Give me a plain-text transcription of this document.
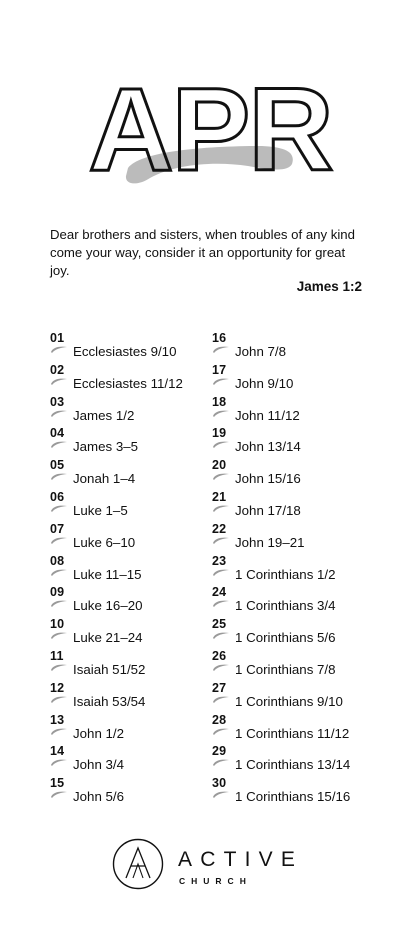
APR
Dear brothers and sisters, when troubles of any kind come your way, consider it an opportunity for great joy.
James 1:2
01
Ecclesiastes 9/10
02
Ecclesiastes 11/12
03
James 1/2
04
James 3–5
05
Jonah 1–4
06
Luke 1–5
07
Luke 6–10
08
Luke 11–15
09
Luke 16–20
10
Luke 21–24
11
Isaiah 51/52
12
Isaiah 53/54
13
John 1/2
14
John 3/4
15
John 5/6
16
John 7/8
17
John 9/10
18
John 11/12
19
John 13/14
20
John 15/16
21
John 17/18
22
John 19–21
23
1 Corinthians 1/2
24
1 Corinthians 3/4
25
1 Corinthians 5/6
26
1 Corinthians 7/8
27
1 Corinthians 9/10
28
1 Corinthians 11/12
29
1 Corinthians 13/14
30
1 Corinthians 15/16
ACTIVE
CHURCH
